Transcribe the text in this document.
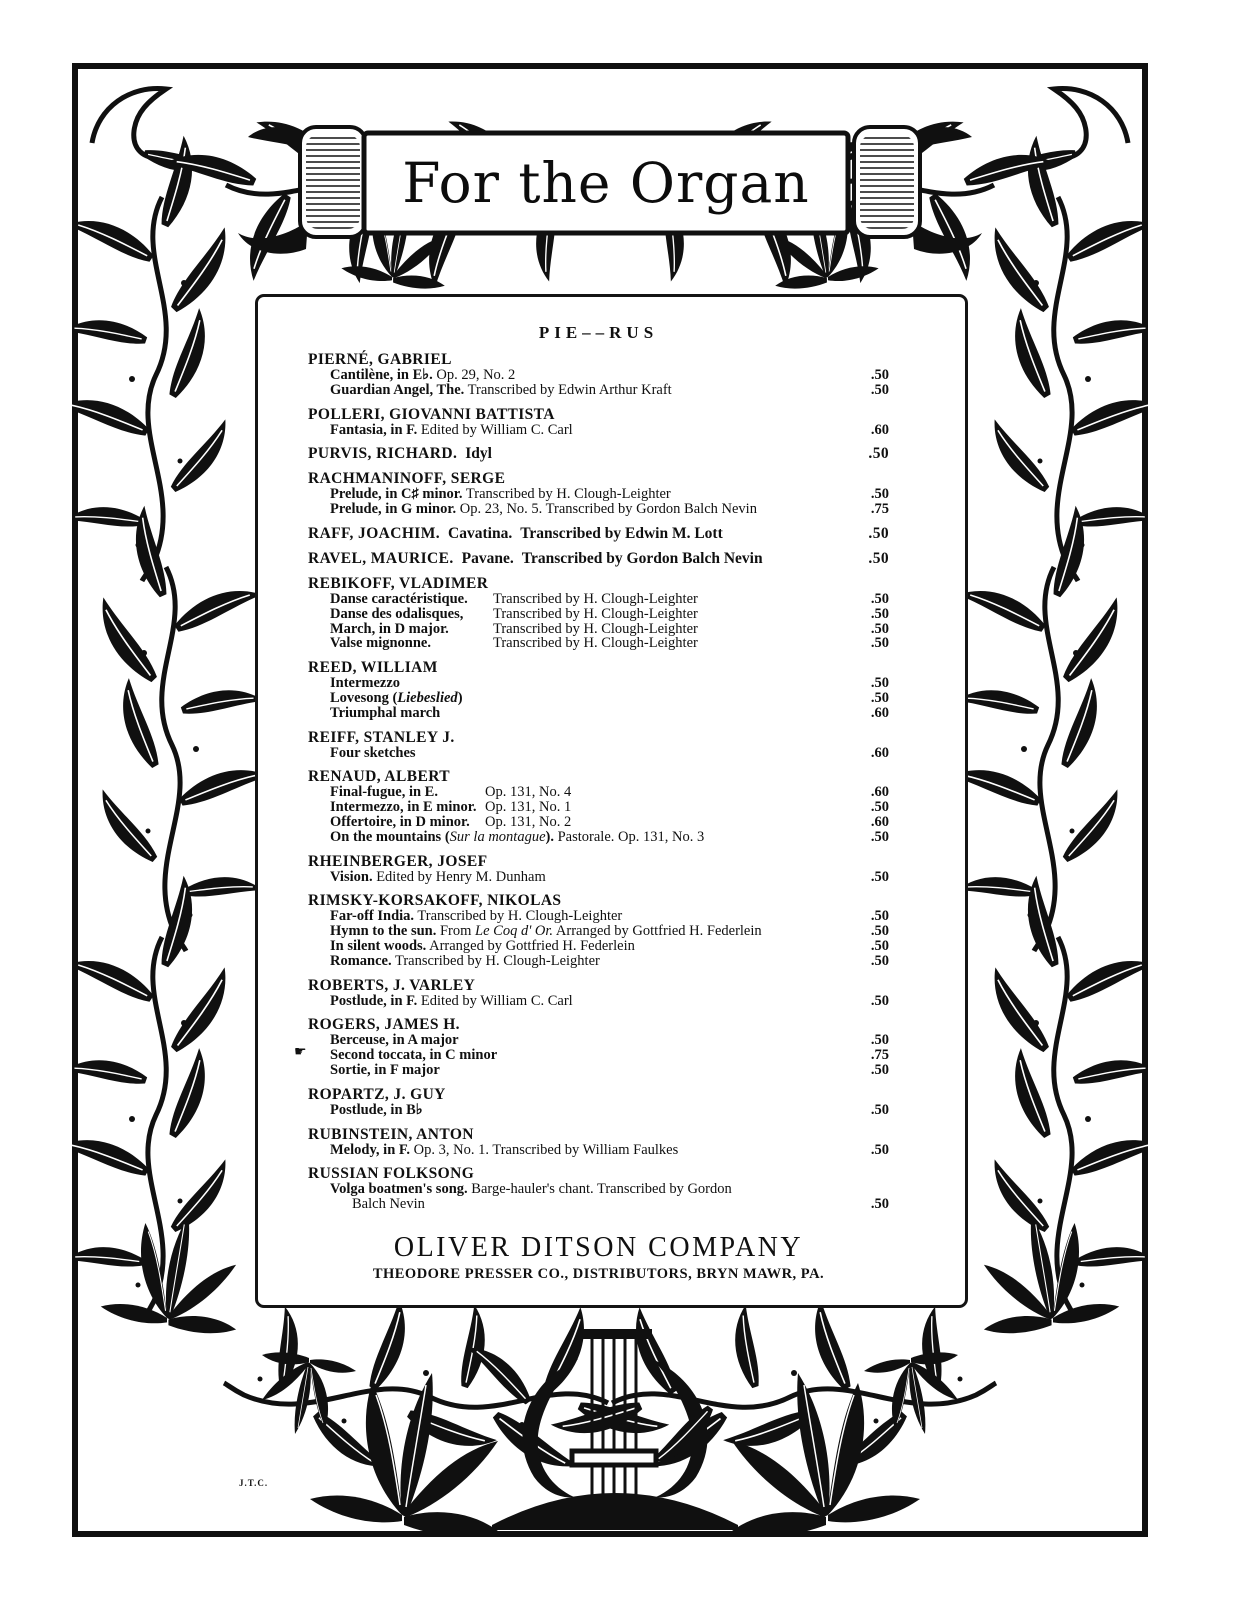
For the Organ
PIE––RUS
PIERNÉ, GABRIEL
Cantilène, in E♭. Op. 29, No. 2	.50
Guardian Angel, The. Transcribed by Edwin Arthur Kraft	.50
POLLERI, GIOVANNI BATTISTA
Fantasia, in F. Edited by William C. Carl	.60
PURVIS, RICHARD. Idyl	.50
RACHMANINOFF, SERGE
Prelude, in C♯ minor. Transcribed by H. Clough-Leighter	.50
Prelude, in G minor. Op. 23, No. 5. Transcribed by Gordon Balch Nevin	.75
RAFF, JOACHIM. Cavatina. Transcribed by Edwin M. Lott	.50
RAVEL, MAURICE. Pavane. Transcribed by Gordon Balch Nevin	.50
REBIKOFF, VLADIMER
Danse caractéristique. Transcribed by H. Clough-Leighter	.50
Danse des odalisques, Transcribed by H. Clough-Leighter	.50
March, in D major.	Transcribed by H. Clough-Leighter	.50
Valse mignonne.	Transcribed by H. Clough-Leighter	.50
REED, WILLIAM
Intermezzo	.50
Lovesong (Liebeslied)	.50
Triumphal march	.60
REIFF, STANLEY J.
Four sketches	.60
RENAUD, ALBERT
Final-fugue, in E.	Op. 131, No. 4	.60
Intermezzo, in E minor. Op. 131, No. 1	.50
Offertoire, in D minor. Op. 131, No. 2	.60
On the mountains (Sur la montague). Pastorale. Op. 131, No. 3	.50
RHEINBERGER, JOSEF
Vision. Edited by Henry M. Dunham	.50
RIMSKY-KORSAKOFF, NIKOLAS
Far-off India. Transcribed by H. Clough-Leighter	.50
Hymn to the sun. From Le Coq d' Or. Arranged by Gottfried H. Federlein	.50
In silent woods. Arranged by Gottfried H. Federlein	.50
Romance. Transcribed by H. Clough-Leighter	.50
ROBERTS, J. VARLEY
Postlude, in F. Edited by William C. Carl	.50
ROGERS, JAMES H.
Berceuse, in A major	.50
☛ Second toccata, in C minor	.75
Sortie, in F major	.50
ROPARTZ, J. GUY
Postlude, in B♭	.50
RUBINSTEIN, ANTON
Melody, in F. Op. 3, No. 1. Transcribed by William Faulkes	.50
RUSSIAN FOLKSONG
Volga boatmen's song. Barge-hauler's chant. Transcribed by Gordon
Balch Nevin	.50
OLIVER DITSON COMPANY
THEODORE PRESSER CO., DISTRIBUTORS, BRYN MAWR, PA.
J.T.C.
